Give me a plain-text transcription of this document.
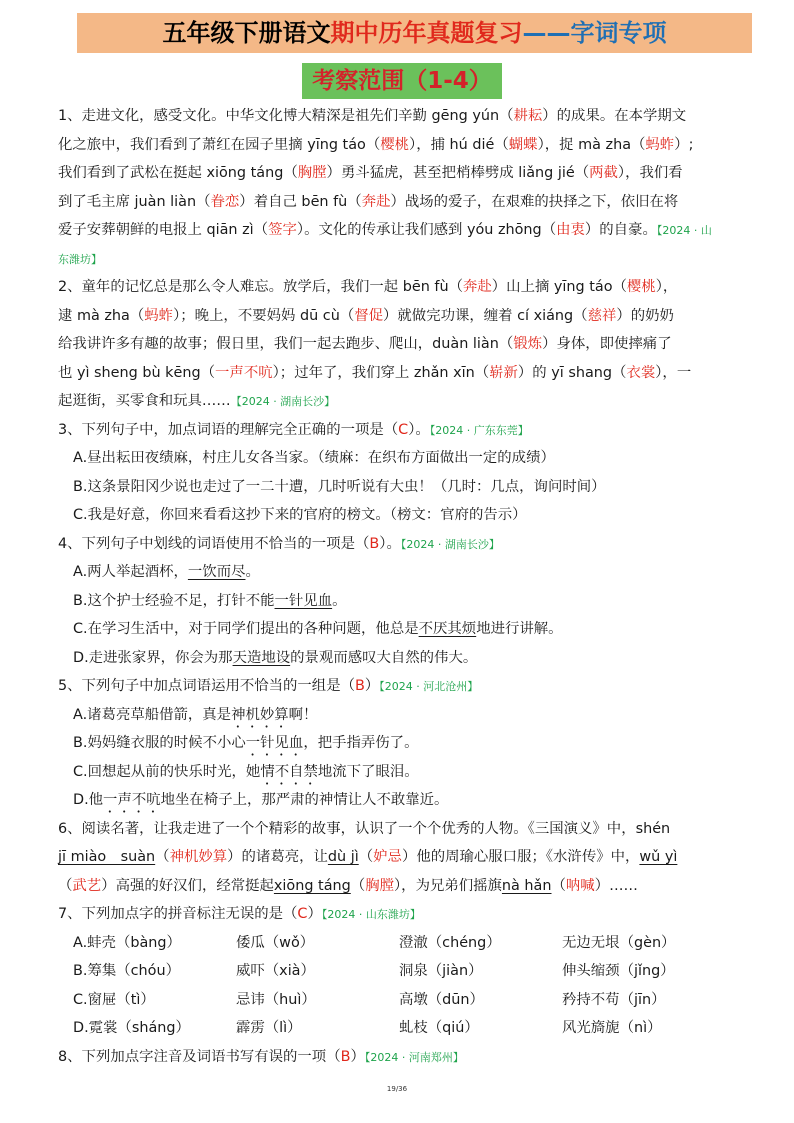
五年级下册语文期中历年真题复习——字词专项
考察范围（1-4）
1、走进文化，感受文化。中华文化博大精深是祖先们辛勤 gēng yún（耕耘）的成果。在本学期文
化之旅中，我们看到了萧红在园子里摘 yīng táo（樱桃），捕 hú dié（蝴蝶），捉 mà zha（蚂蚱）;
我们看到了武松在挺起 xiōng táng（胸膛）勇斗猛虎，甚至把梢棒劈成 liǎng jié（两截），我们看
到了毛主席 juàn liàn（眷恋）着自己 bēn fù（奔赴）战场的爱子，在艰难的抉择之下，依旧在将
爱子安葬朝鲜的电报上 qiān zì（签字）。文化的传承让我们感到 yóu zhōng（由衷）的自豪。【2024 · 山
东潍坊】
2、童年的记忆总是那么令人难忘。放学后，我们一起 bēn fù（奔赴）山上摘 yīng táo（樱桃），
逮 mà zha（蚂蚱）；晚上，不要妈妈 dū cù（督促）就做完功课，缠着 cí xiáng（慈祥）的奶奶
给我讲许多有趣的故事；假日里，我们一起去跑步、爬山，duàn liàn（锻炼）身体，即使摔痛了
也 yì sheng bù kēng（一声不吭）；过年了，我们穿上 zhǎn xīn（崭新）的 yī shang（衣裳），一
起逛街，买零食和玩具……【2024 · 湖南长沙】
3、下列句子中，加点词语的理解完全正确的一项是（C）。【2024 · 广东东莞】
A.昼出耘田夜绩麻，村庄儿女各当家。（绩麻：在织布方面做出一定的成绩）
B.这条景阳冈少说也走过了一二十遭，几时听说有大虫！（几时：几点，询问时间）
C.我是好意，你回来看看这抄下来的官府的榜文。（榜文：官府的告示）
4、下列句子中划线的词语使用不恰当的一项是（B）。【2024 · 湖南长沙】
A.两人举起酒杯，一饮而尽。
B.这个护士经验不足，打针不能一针见血。
C.在学习生活中，对于同学们提出的各种问题，他总是不厌其烦地进行讲解。
D.走进张家界，你会为那天造地设的景观而感叹大自然的伟大。
5、下列句子中加点词语运用不恰当的一组是（B）【2024 · 河北沧州】
A.诸葛亮草船借箭，真是神机妙算啊！
B.妈妈缝衣服的时候不小心一针见血，把手指弄伤了。
C.回想起从前的快乐时光，她情不自禁地流下了眼泪。
D.他一声不吭地坐在椅子上，那严肃的神情让人不敢靠近。
6、阅读名著，让我走进了一个个精彩的故事，认识了一个个优秀的人物。《三国演义》中，shén
jī miào　suàn（神机妙算）的诸葛亮，让dù jì（妒忌）他的周瑜心服口服；《水浒传》中，wǔ yì
（武艺）高强的好汉们，经常挺起xiōng táng（胸膛），为兄弟们摇旗nà hǎn（呐喊）……
7、下列加点字的拼音标注无误的是（C）【2024 · 山东潍坊】
A.蚌壳（bàng）	倭瓜（wǒ）	澄澈（chéng）	无边无垠（gèn）
B.筹集（chóu）	威吓（xià）	洞泉（jiàn）	伸头缩颈（jǐng）
C.窗屉（tì）	忌讳（huì）	高墩（dūn）	矜持不苟（jīn）
D.霓裳（sháng）	霹雳（lì）	虬枝（qiú）	风光旖旎（nì）
8、下列加点字注音及词语书写有误的一项（B）【2024 · 河南郑州】
19/36
